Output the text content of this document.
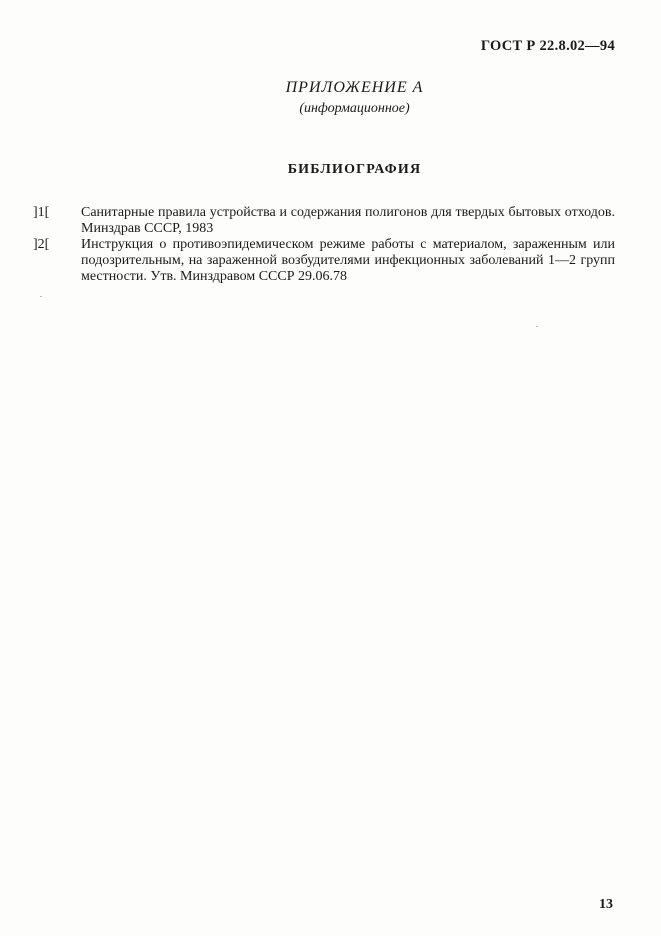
ГОСТ Р 22.8.02—94
ПРИЛОЖЕНИЕ А
(информационное)
БИБЛИОГРАФИЯ
]1[	Санитарные правила устройства и содержания полигонов для твердых бытовых отходов. Минздрав СССР, 1983
]2[	Инструкция о противоэпидемическом режиме работы с материалом, зараженным или подозрительным, на зараженной возбудителями инфекционных заболеваний 1—2 групп местности. Утв. Минздравом СССР 29.06.78
13
